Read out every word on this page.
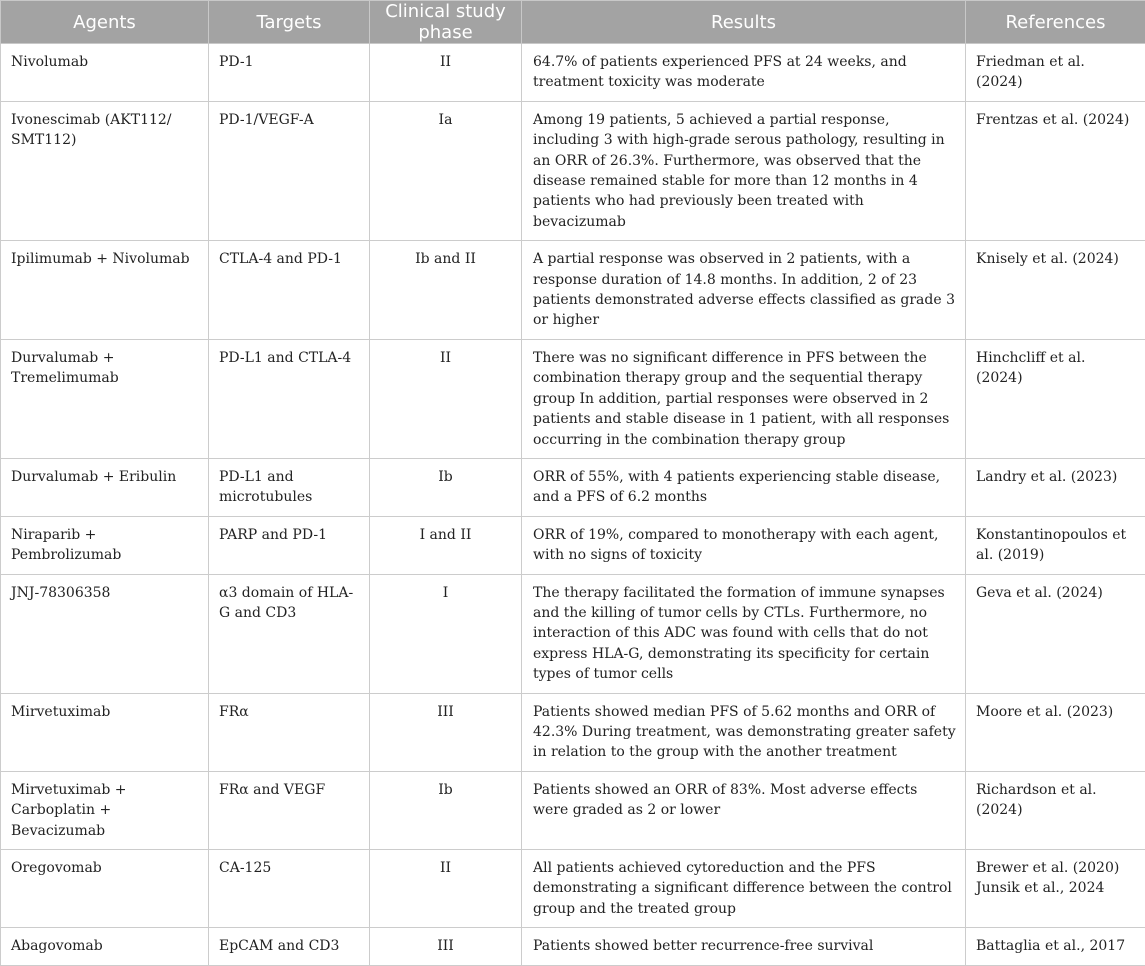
Agents	Targets	Clinical study phase	Results	References
Nivolumab	PD-1	II	64.7% of patients experienced PFS at 24 weeks, and treatment toxicity was moderate	Friedman et al. (2024)
Ivonescimab (AKT112/ SMT112)	PD-1/VEGF-A	Ia	Among 19 patients, 5 achieved a partial response, including 3 with high-grade serous pathology, resulting in an ORR of 26.3%. Furthermore, was observed that the disease remained stable for more than 12 months in 4 patients who had previously been treated with bevacizumab	Frentzas et al. (2024)
Ipilimumab + Nivolumab	CTLA-4 and PD-1	Ib and II	A partial response was observed in 2 patients, with a response duration of 14.8 months. In addition, 2 of 23 patients demonstrated adverse effects classified as grade 3 or higher	Knisely et al. (2024)
Durvalumab + Tremelimumab	PD-L1 and CTLA-4	II	There was no significant difference in PFS between the combination therapy group and the sequential therapy group In addition, partial responses were observed in 2 patients and stable disease in 1 patient, with all responses occurring in the combination therapy group	Hinchcliff et al. (2024)
Durvalumab + Eribulin	PD-L1 and microtubules	Ib	ORR of 55%, with 4 patients experiencing stable disease, and a PFS of 6.2 months	Landry et al. (2023)
Niraparib + Pembrolizumab	PARP and PD-1	I and II	ORR of 19%, compared to monotherapy with each agent, with no signs of toxicity	Konstantinopoulos et al. (2019)
JNJ-78306358	α3 domain of HLA-G and CD3	I	The therapy facilitated the formation of immune synapses and the killing of tumor cells by CTLs. Furthermore, no interaction of this ADC was found with cells that do not express HLA-G, demonstrating its specificity for certain types of tumor cells	Geva et al. (2024)
Mirvetuximab	FRα	III	Patients showed median PFS of 5.62 months and ORR of 42.3% During treatment, was demonstrating greater safety in relation to the group with the another treatment	Moore et al. (2023)
Mirvetuximab + Carboplatin + Bevacizumab	FRα and VEGF	Ib	Patients showed an ORR of 83%. Most adverse effects were graded as 2 or lower	Richardson et al. (2024)
Oregovomab	CA-125	II	All patients achieved cytoreduction and the PFS demonstrating a significant difference between the control group and the treated group	Brewer et al. (2020) Junsik et al., 2024
Abagovomab	EpCAM and CD3	III	Patients showed better recurrence-free survival	Battaglia et al., 2017
